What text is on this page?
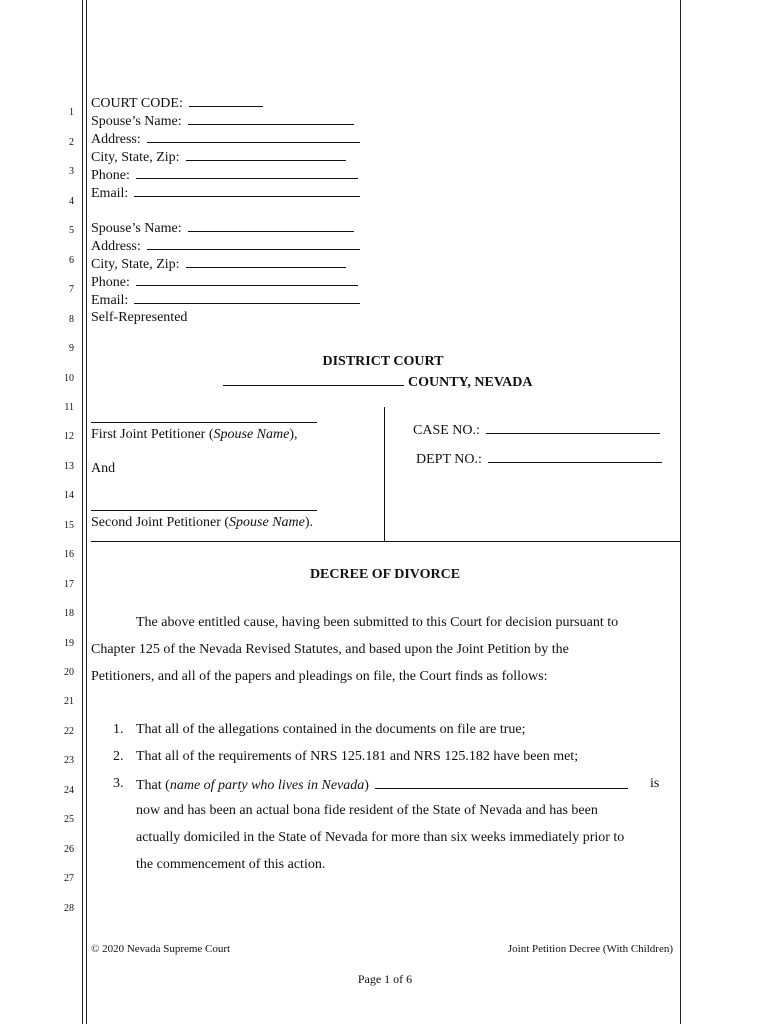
1
2
3
4
5
6
7
8
9
10
11
12
13
14
15
16
17
18
19
20
21
22
23
24
25
26
27
28
COURT CODE:
Spouse’s Name:
Address:
City, State, Zip:
Phone:
Email:
Spouse’s Name:
Address:
City, State, Zip:
Phone:
Email:
Self-Represented
DISTRICT COURT
COUNTY, NEVADA
First Joint Petitioner (Spouse Name),
And
Second Joint Petitioner (Spouse Name).
CASE NO.:
DEPT NO.:
DECREE OF DIVORCE
The above entitled cause, having been submitted to this Court for decision pursuant to
Chapter 125 of the Nevada Revised Statutes, and based upon the Joint Petition by the
Petitioners, and all of the papers and pleadings on file, the Court finds as follows:
1. That all of the allegations contained in the documents on file are true;
2. That all of the requirements of NRS 125.181 and NRS 125.182 have been met;
3. That (name of party who lives in Nevada)	is
now and has been an actual bona fide resident of the State of Nevada and has been
actually domiciled in the State of Nevada for more than six weeks immediately prior to
the commencement of this action.
© 2020 Nevada Supreme Court	Joint Petition Decree (With Children)
Page 1 of 6
